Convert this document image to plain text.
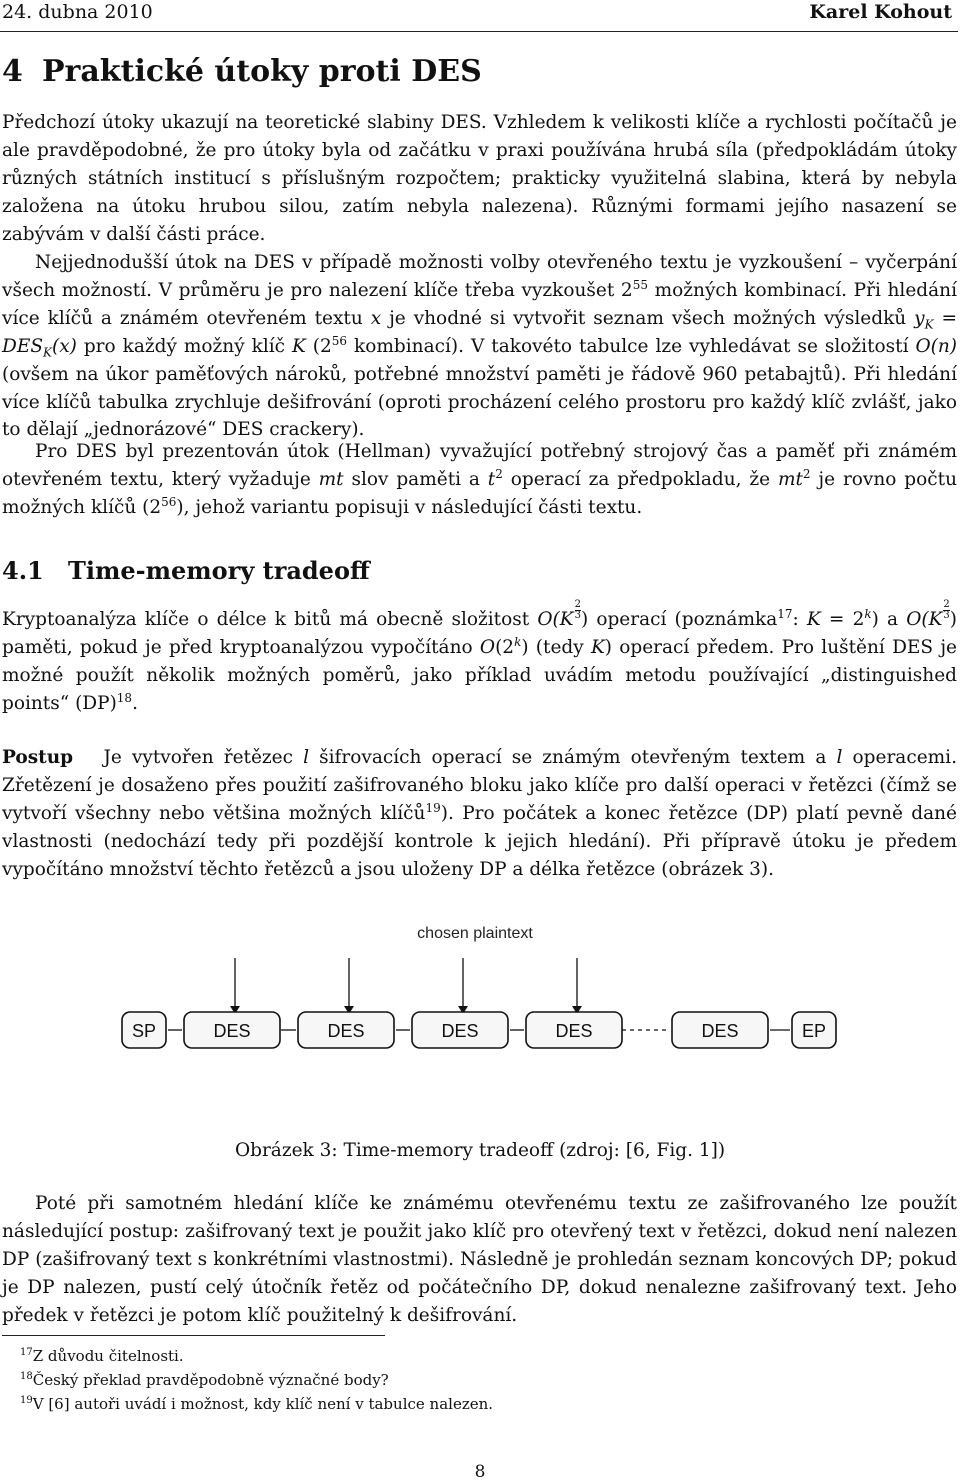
24. dubna 2010	Karel Kohout
4 Praktické útoky proti DES

Předchozí útoky ukazují na teoretické slabiny DES. Vzhledem k velikosti klíče a rychlosti počítačů je ale pravděpodobné, že pro útoky byla od začátku v praxi používána hrubá síla (předpokládám útoky různých státních institucí s příslušným rozpočtem; prakticky využitelná slabina, která by nebyla založena na útoku hrubou silou, zatím nebyla nalezena). Různými formami jejího nasazení se zabývám v další části práce.

Nejjednodušší útok na DES v případě možnosti volby otevřeného textu je vyzkoušení – vyčerpání všech možností. V průměru je pro nalezení klíče třeba vyzkoušet $2^{55}$ možných kombinací. Při hledání více klíčů a známém otevřeném textu x je vhodné si vytvořit seznam všech možných výsledků $y_K = DES_K(x)$ pro každý možný klíč K ($2^{56}$ kombinací). V takovéto tabulce lze vyhledávat se složitostí O(n) (ovšem na úkor paměťových nároků, potřebné množství paměti je řádově 960 petabajtů). Při hledání více klíčů tabulka zrychluje dešifrování (oproti procházení celého prostoru pro každý klíč zvlášť, jako to dělají „jednorázové“ DES crackery).

Pro DES byl prezentován útok (Hellman) vyvažující potřebný strojový čas a paměť při známém otevřeném textu, který vyžaduje mt slov paměti a $t^2$ operací za předpokladu, že $mt^2$ je rovno počtu možných klíčů $(2^{56})$, jehož variantu popisuji v následující části textu.

4.1 Time-memory tradeoff

Kryptoanalýza klíče o délce k bitů má obecně složitost $O(K \frac{2}{3}$ ) operací (poznámka$^{17}$: $K = 2^k$) a $O(K \frac{2}{3}$ ) paměti, pokud je před kryptoanalýzou vypočítáno O(2$^k$) (tedy K) operací předem. Pro luštění DES je možné použít několik možných poměrů, jako příklad uvádím metodu používající „distinguished points“ (DP)$^{18}$.

Postup Je vytvořen řetězec l šifrovacích operací se známým otevřeným textem a l operacemi. Zřetězení je dosaženo přes použití zašifrovaného bloku jako klíče pro další operaci v řetězci (čímž se vytvoří všechny nebo většina možných klíčů$^{19}$). Pro počátek a konec řetězce (DP) platí pevně dané vlastnosti (nedochází tedy při pozdější kontrole k jejich hledání). Při přípravě útoku je předem vypočítáno množství těchto řetězců a jsou uloženy DP a délka řetězce (obrázek 3).

chosen plaintext
SP	DES	DES	DES	DES	DES	EP
Obrázek 3: Time-memory tradeoff (zdroj: [6, Fig. 1])

Poté při samotném hledání klíče ke známému otevřenému textu ze zašifrovaného lze použít následující postup: zašifrovaný text je použit jako klíč pro otevřený text v řetězci, dokud není nalezen DP (zašifrovaný text s konkrétními vlastnostmi). Následně je prohledán seznam koncových DP; pokud je DP nalezen, pustí celý útočník řetěz od počátečního DP, dokud nenalezne zašifrovaný text. Jeho předek v řetězci je potom klíč použitelný k dešifrování.

$^{17}$Z důvodu čitelnosti.
$^{18}$Český překlad pravděpodobně význačné body?
$^{19}$V [6] autoři uvádí i možnost, kdy klíč není v tabulce nalezen.
8
